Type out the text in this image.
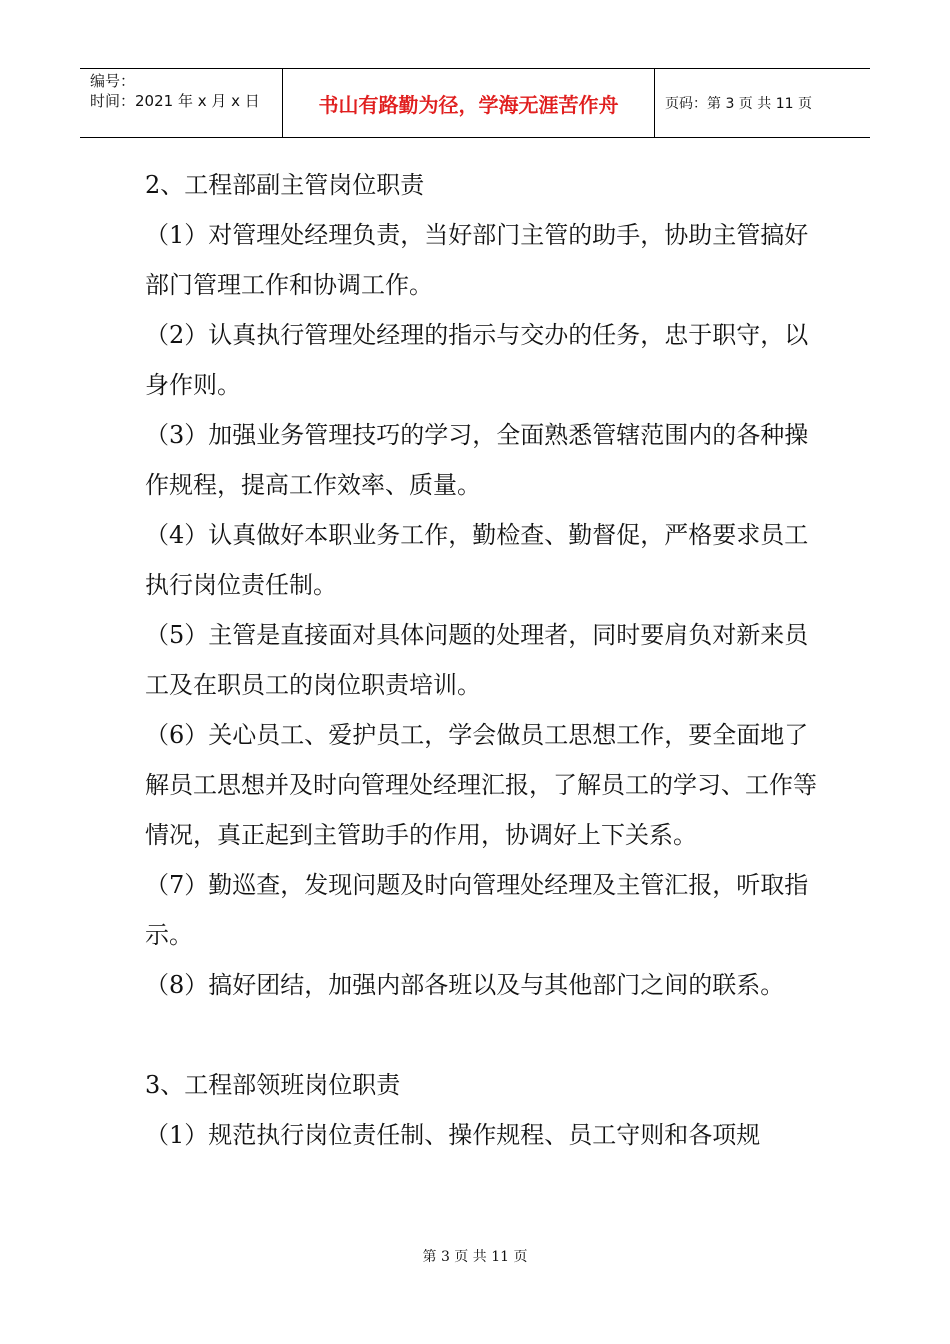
编号：
时间：2021 年 x 月 x 日	书山有路勤为径，学海无涯苦作舟	页码：第 3 页 共 11 页

2、工程部副主管岗位职责

（1）对管理处经理负责，当好部门主管的助手，协助主管搞好部门管理工作和协调工作。

（2）认真执行管理处经理的指示与交办的任务，忠于职守，以身作则。

（3）加强业务管理技巧的学习，全面熟悉管辖范围内的各种操作规程，提高工作效率、质量。

（4）认真做好本职业务工作，勤检查、勤督促，严格要求员工执行岗位责任制。

（5）主管是直接面对具体问题的处理者，同时要肩负对新来员工及在职员工的岗位职责培训。

（6）关心员工、爱护员工，学会做员工思想工作，要全面地了解员工思想并及时向管理处经理汇报，了解员工的学习、工作等情况，真正起到主管助手的作用，协调好上下关系。

（7）勤巡查，发现问题及时向管理处经理及主管汇报，听取指示。

（8）搞好团结，加强内部各班以及与其他部门之间的联系。

3、工程部领班岗位职责

（1）规范执行岗位责任制、操作规程、员工守则和各项规

第 3 页 共 11 页
